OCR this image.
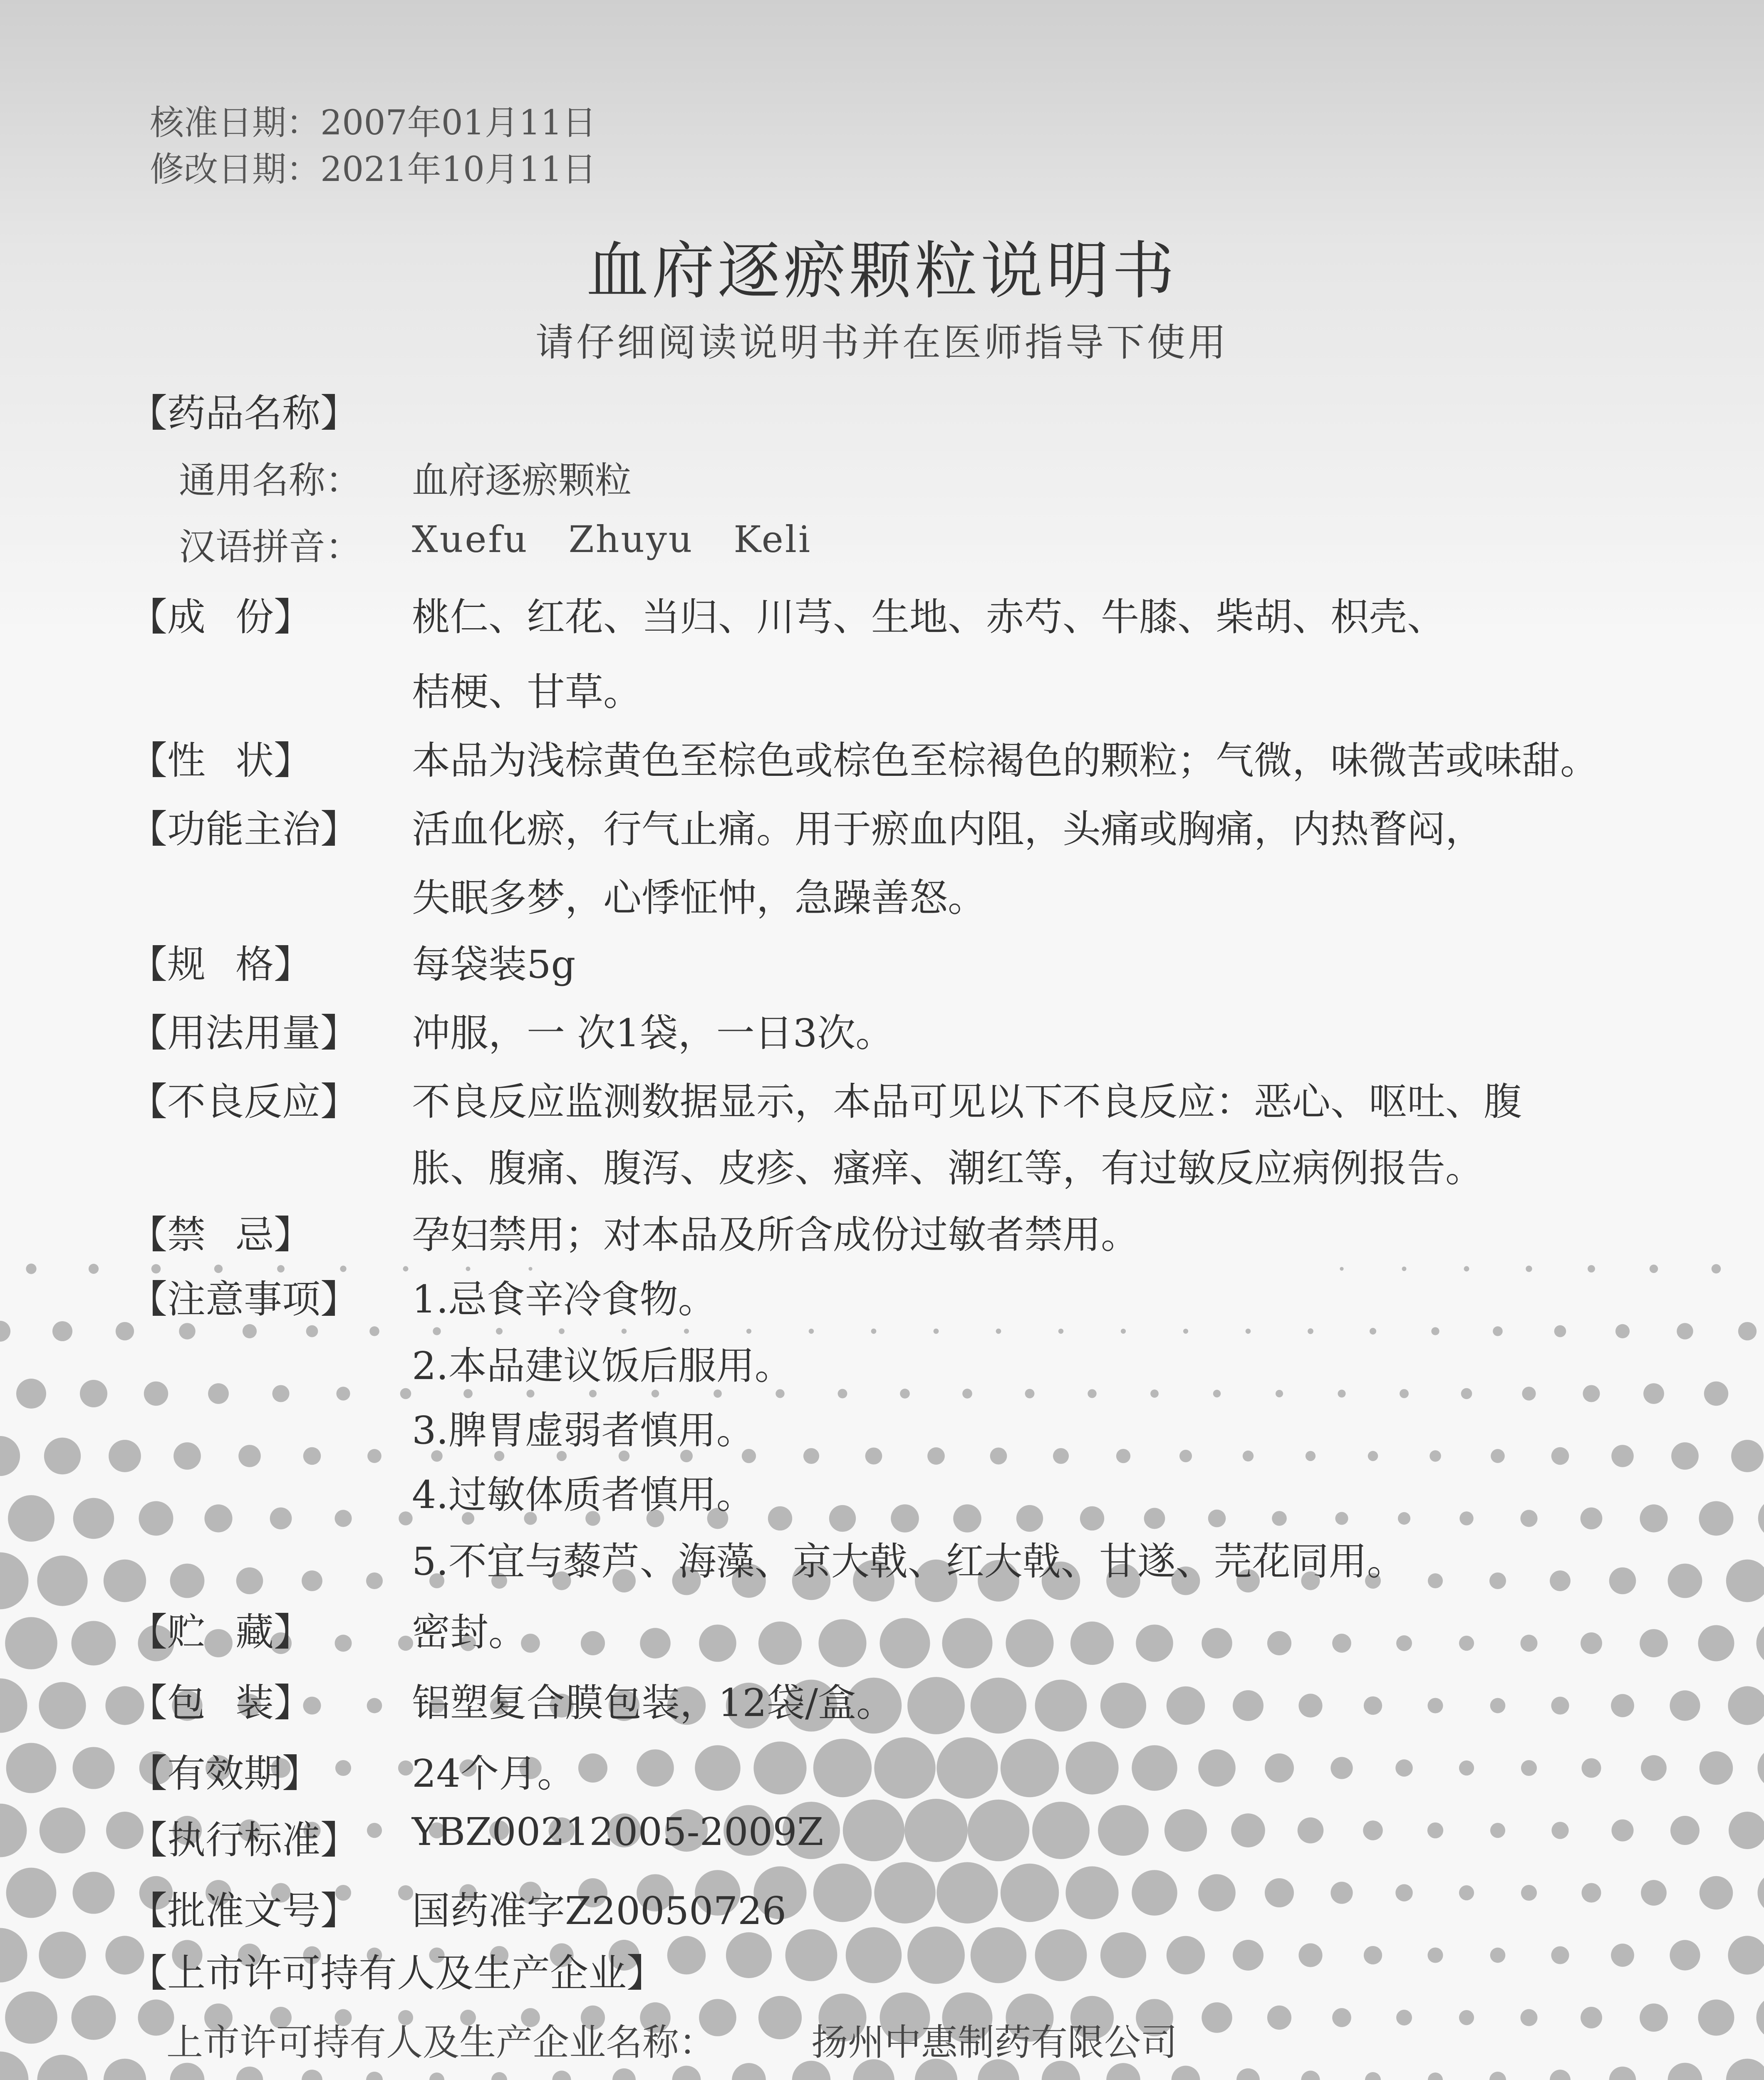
核准日期：2007年01月11日
修改日期：2021年10月11日
血府逐瘀颗粒说明书
请仔细阅读说明书并在医师指导下使用
【药品名称】
通用名称： 血府逐瘀颗粒
汉语拼音： Xuefu   Zhuyu   Keli
【成 份】	桃仁、红花、当归、川芎、生地、赤芍、牛膝、柴胡、枳壳、
桔梗、甘草。
【性 状】	本品为浅棕黄色至棕色或棕色至棕褐色的颗粒；气微，味微苦或味甜。
【功能主治】	活血化瘀，行气止痛。用于瘀血内阻，头痛或胸痛，内热瞀闷，
失眠多梦，心悸怔忡，急躁善怒。
【规 格】	每袋装5g
【用法用量】	冲服，一 次1袋，一日3次。
【不良反应】	不良反应监测数据显示，本品可见以下不良反应：恶心、呕吐、腹
胀、腹痛、腹泻、皮疹、瘙痒、潮红等，有过敏反应病例报告。
【禁 忌】	孕妇禁用；对本品及所含成份过敏者禁用。
【注意事项】	1.忌食辛冷食物。
2.本品建议饭后服用。
3.脾胃虚弱者慎用。
4.过敏体质者慎用。
5.不宜与藜芦、海藻、京大戟、红大戟、甘遂、芫花同用。
【贮 藏】	密封。
【包 装】	铝塑复合膜包装，12袋/盒。
【有 效 期】 24个月。
【执行标准】	YBZ00212005-2009Z
【批准文号】	国药准字Z20050726
【上市许可持有人及生产企业】
上市许可持有人及生产企业名称：	扬州中惠制药有限公司
